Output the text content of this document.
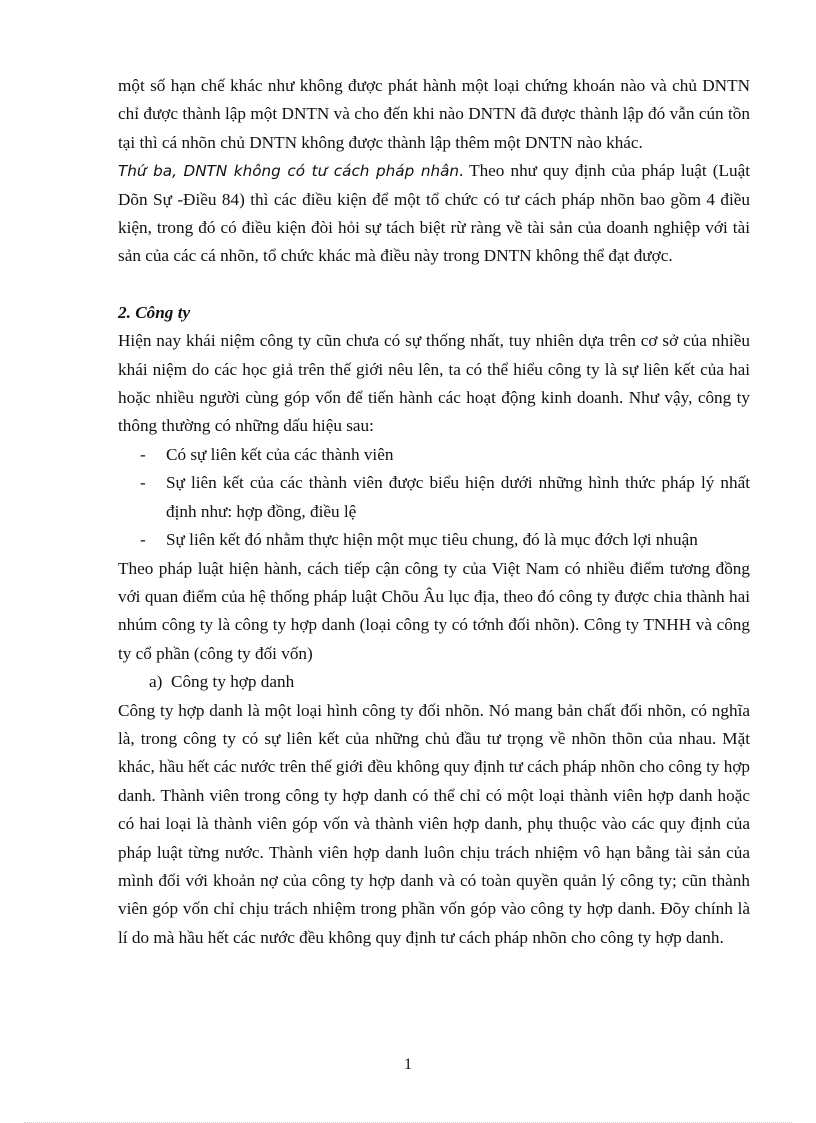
một số hạn chế khác như không được phát hành một loại chứng khoán nào và chủ DNTN chỉ được thành lập một DNTN và cho đến khi nào DNTN đã được thành lập đó vẫn cún tồn tại thì cá nhõn chủ DNTN không được thành lập thêm một DNTN nào khác.

Thứ ba, DNTN không có tư cách pháp nhân. Theo như quy định của pháp luật (Luật Dõn Sự -Điều 84) thì các điều kiện để một tổ chức có tư cách pháp nhõn bao gồm 4 điều kiện, trong đó có điều kiện đòi hỏi sự tách biệt rừ ràng về tài sản của doanh nghiệp với tài sản của các cá nhõn, tổ chức khác mà điều này trong DNTN không thể đạt được.

2. Công ty

Hiện nay khái niệm công ty cũn chưa có sự thống nhất, tuy nhiên dựa trên cơ sở của nhiều khái niệm do các học giả trên thế giới nêu lên, ta có thể hiểu công ty là sự liên kết của hai hoặc nhiều người cùng góp vốn để tiến hành các hoạt động kinh doanh. Như vậy, công ty thông thường có những dấu hiệu sau:

- Có sự liên kết của các thành viên
- Sự liên kết của các thành viên được biểu hiện dưới những hình thức pháp lý nhất định như: hợp đồng, điều lệ
- Sự liên kết đó nhằm thực hiện một mục tiêu chung, đó là mục đớch lợi nhuận

Theo pháp luật hiện hành, cách tiếp cận công ty của Việt Nam có nhiều điểm tương đồng với quan điểm của hệ thống pháp luật Chõu Âu lục địa, theo đó công ty được chia thành hai nhúm công ty là công ty hợp danh (loại công ty có tớnh đối nhõn). Công ty TNHH và công ty cổ phần (công ty đối vốn)

a) Công ty hợp danh

Công ty hợp danh là một loại hình công ty đối nhõn. Nó mang bản chất đối nhõn, có nghĩa là, trong công ty có sự liên kết của những chủ đầu tư trọng về nhõn thõn của nhau. Mặt khác, hầu hết các nước trên thế giới đều không quy định tư cách pháp nhõn cho công ty hợp danh. Thành viên trong công ty hợp danh có thể chỉ có một loại thành viên hợp danh hoặc có hai loại là thành viên góp vốn và thành viên hợp danh, phụ thuộc vào các quy định của pháp luật từng nước. Thành viên hợp danh luôn chịu trách nhiệm vô hạn bằng tài sản của mình đối với khoản nợ của công ty hợp danh và có toàn quyền quản lý công ty; cũn thành viên góp vốn chỉ chịu trách nhiệm trong phần vốn góp vào công ty hợp danh. Đõy chính là lí do mà hầu hết các nước đều không quy định tư cách pháp nhõn cho công ty hợp danh.

1
